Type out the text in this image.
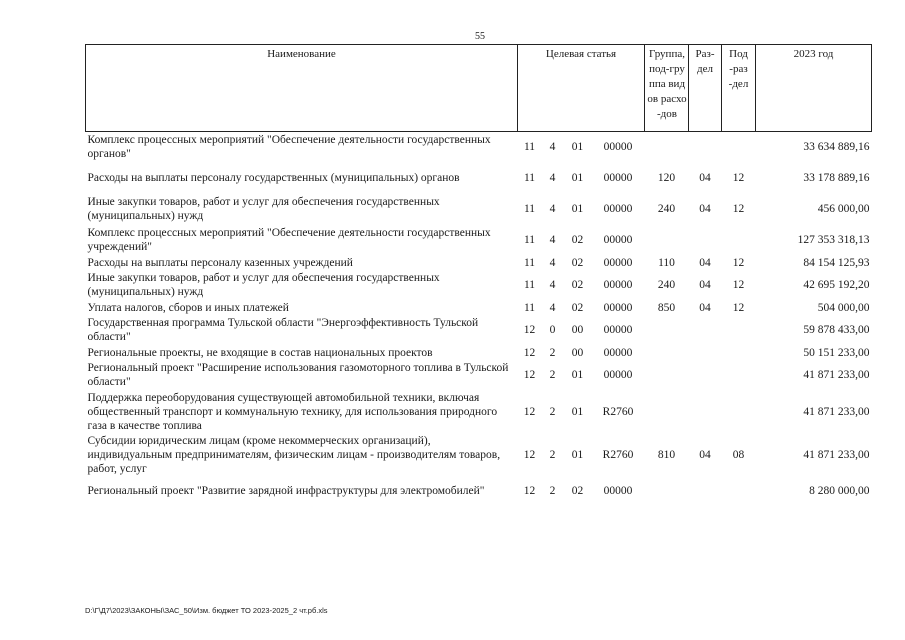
55
Наименование	Целевая статья				Группа, под-группа видов расхо-дов	Раз-дел	Под-раз-дел	2023 год
Комплекс процессных мероприятий "Обеспечение деятельности государственных органов"	11	4	01	00000				33 634 889,16
Расходы на выплаты персоналу государственных (муниципальных) органов	11	4	01	00000	120	04	12	33 178 889,16
Иные закупки товаров, работ и услуг для обеспечения государственных (муниципальных) нужд	11	4	01	00000	240	04	12	456 000,00
Комплекс процессных мероприятий "Обеспечение деятельности государственных учреждений"	11	4	02	00000				127 353 318,13
Расходы на выплаты персоналу казенных учреждений	11	4	02	00000	110	04	12	84 154 125,93
Иные закупки товаров, работ и услуг для обеспечения государственных (муниципальных) нужд	11	4	02	00000	240	04	12	42 695 192,20
Уплата налогов, сборов и иных платежей	11	4	02	00000	850	04	12	504 000,00
Государственная программа Тульской области "Энергоэффективность Тульской области"	12	0	00	00000				59 878 433,00
Региональные проекты, не входящие в состав национальных проектов	12	2	00	00000				50 151 233,00
Региональный проект "Расширение использования газомоторного топлива в Тульской области"	12	2	01	00000				41 871 233,00
Поддержка переоборудования существующей автомобильной техники, включая общественный транспорт и коммунальную технику, для использования природного газа в качестве топлива	12	2	01	R2760				41 871 233,00
Субсидии юридическим лицам (кроме некоммерческих организаций), индивидуальным предпринимателям, физическим лицам - производителям товаров, работ, услуг	12	2	01	R2760	810	04	08	41 871 233,00
Региональный проект "Развитие зарядной инфраструктуры для электромобилей"	12	2	02	00000				8 280 000,00
D:\Г\Д7\2023\ЗАКОНЫ\ЗАС_50\Изм. бюджет ТО 2023-2025_2 чт.рб.xls
